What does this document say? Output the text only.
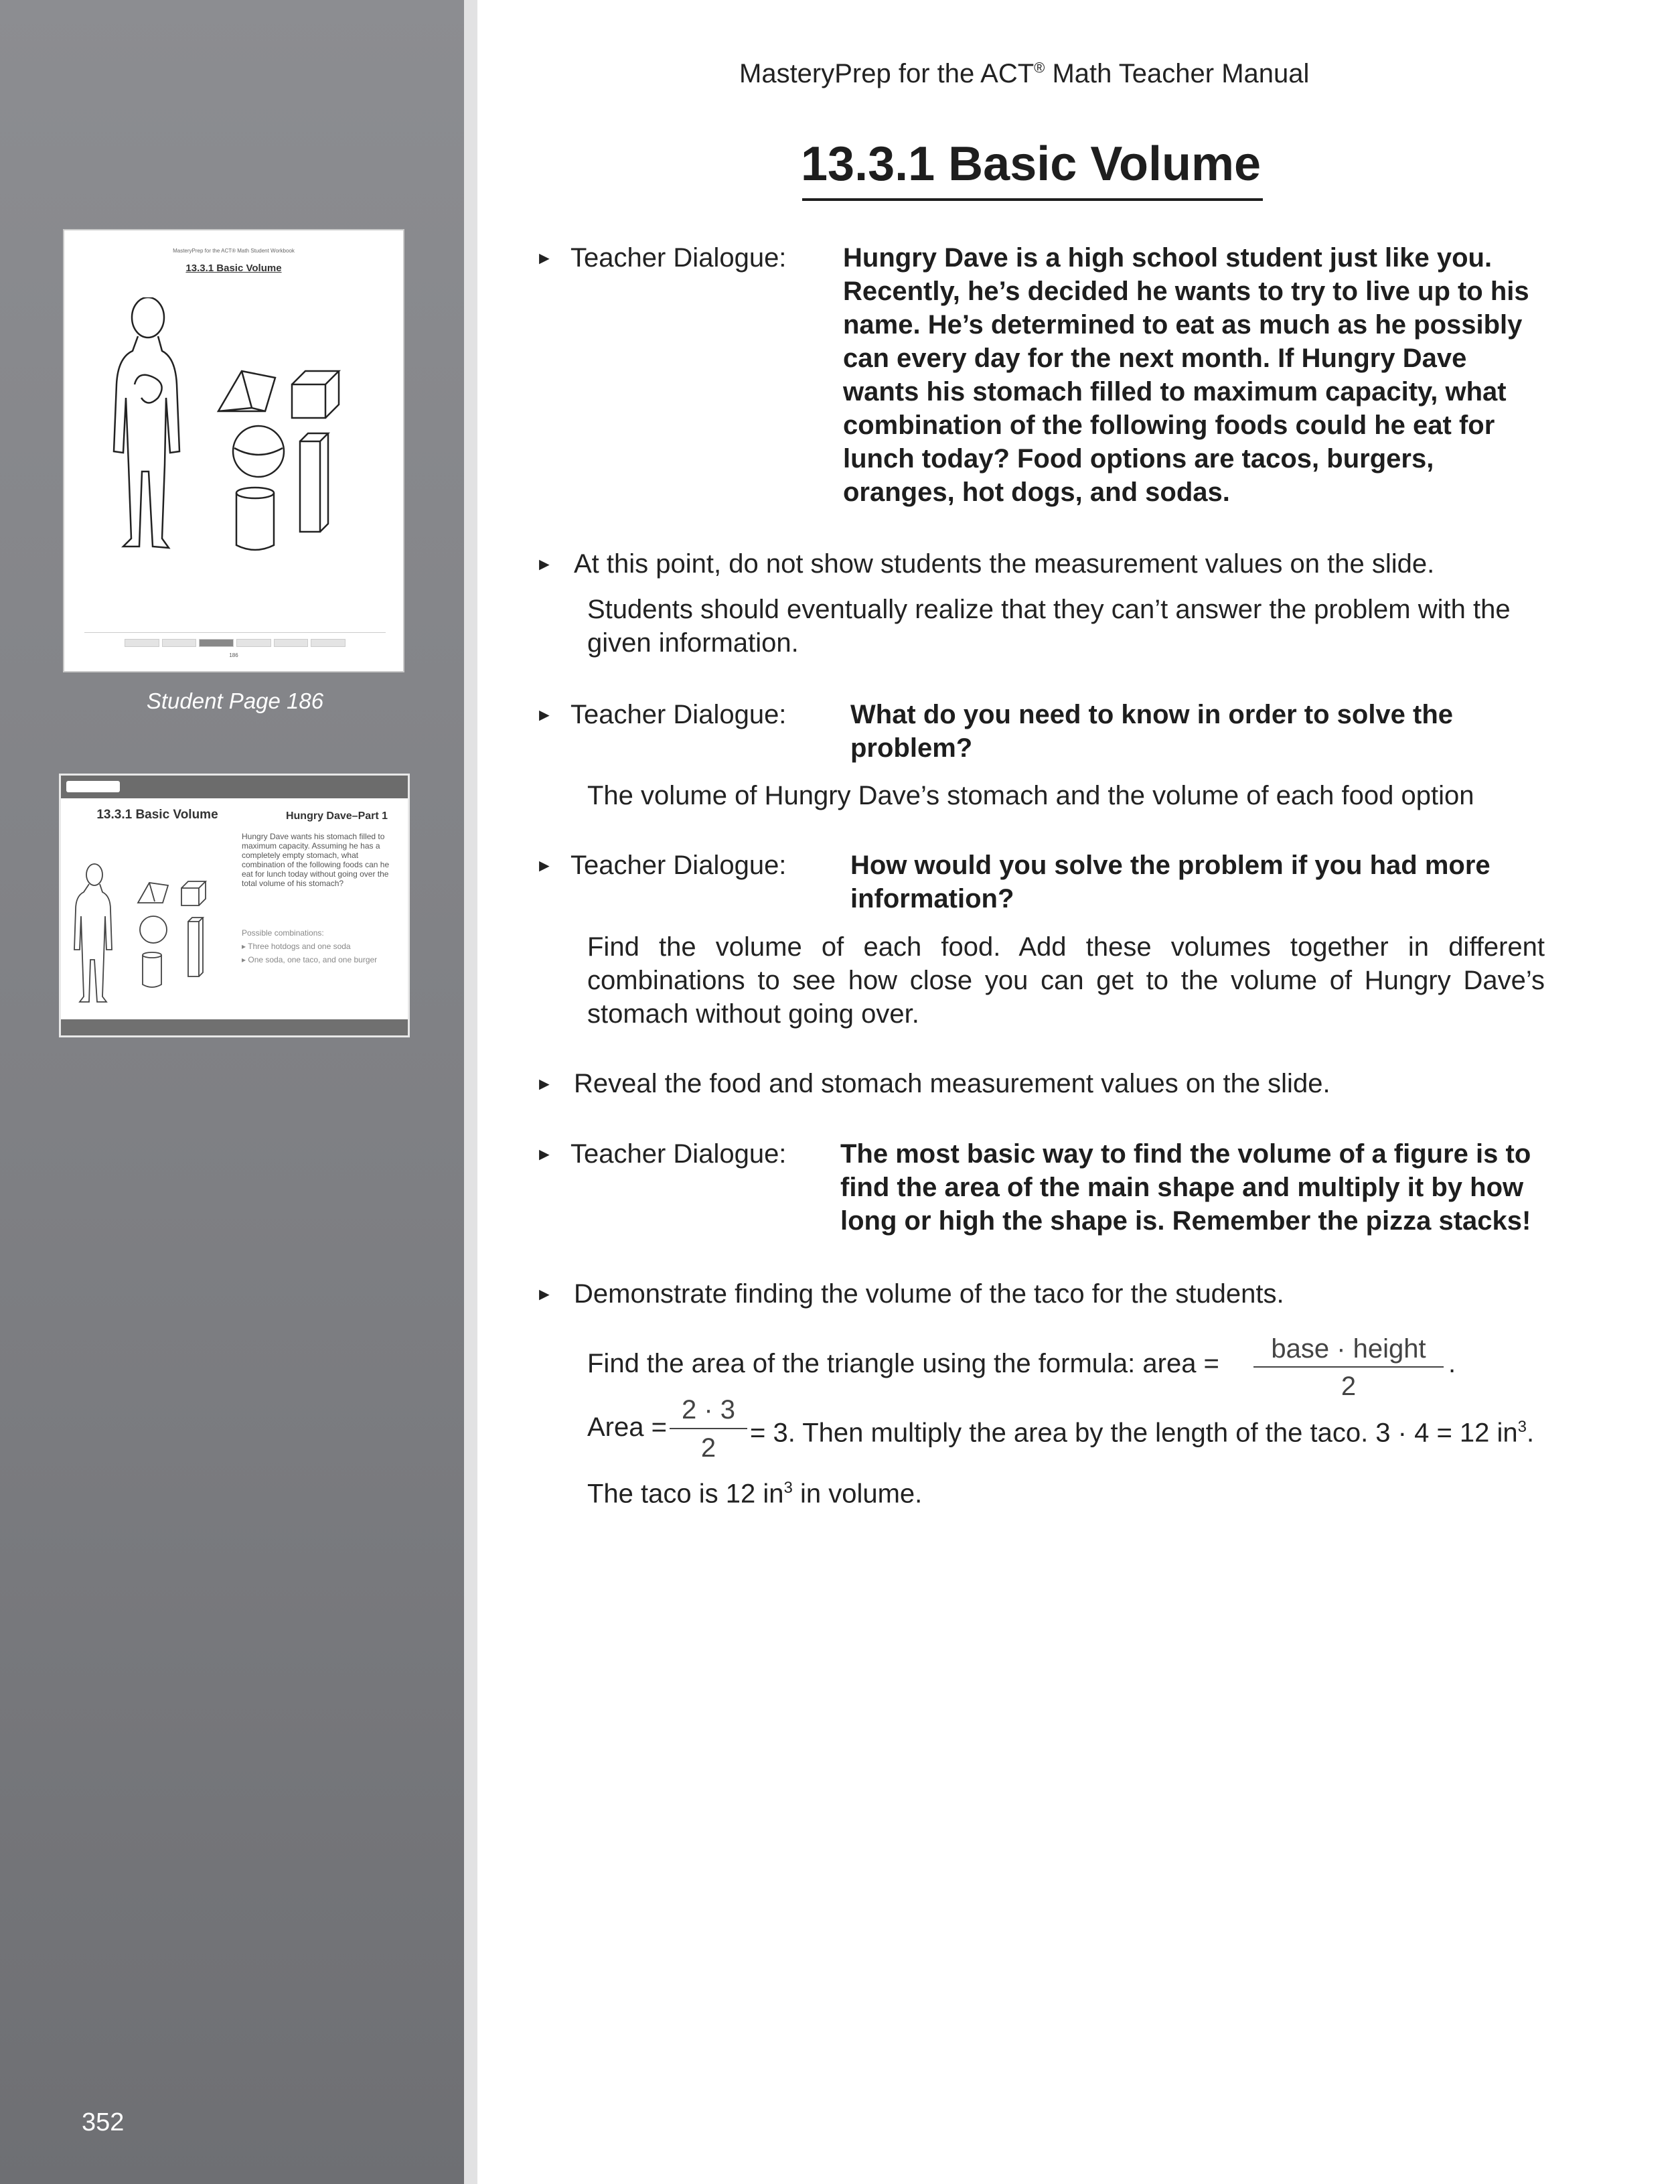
MasteryPrep for the ACT® Math Student Workbook
13.3.1 Basic Volume
186
Student Page 186
13.3.1 Basic Volume	Hungry Dave–Part 1
Hungry Dave wants his stomach filled to maximum capacity. Assuming he has a completely empty stomach, what combination of the following foods can he eat for lunch today without going over the total volume of his stomach?
Possible combinations:
▸ Three hotdogs and one soda
▸ One soda, one taco, and one burger
352
MasteryPrep for the ACT® Math Teacher Manual
13.3.1 Basic Volume
► Teacher Dialogue: Hungry Dave is a high school student just like you. Recently, he’s decided he wants to try to live up to his name. He’s determined to eat as much as he possibly can every day for the next month. If Hungry Dave wants his stomach filled to maximum capacity, what combination of the following foods could he eat for lunch today? Food options are tacos, burgers, oranges, hot dogs, and sodas.
► At this point, do not show students the measurement values on the slide.
Students should eventually realize that they can’t answer the problem with the given information.
► Teacher Dialogue: What do you need to know in order to solve the problem?
The volume of Hungry Dave’s stomach and the volume of each food option
► Teacher Dialogue: How would you solve the problem if you had more information?
Find the volume of each food. Add these volumes together in different combinations to see how close you can get to the volume of Hungry Dave’s stomach without going over.
► Reveal the food and stomach measurement values on the slide.
► Teacher Dialogue: The most basic way to find the volume of a figure is to find the area of the main shape and multiply it by how long or high the shape is. Remember the pizza stacks!
► Demonstrate finding the volume of the taco for the students.
Find the area of the triangle using the formula: area =	base · height
2
.
Area =
2 · 3
2
= 3. Then multiply the area by the length of the taco. 3 · 4 = 12 $in^3$.
The taco is 12 $in^3$ in volume.
